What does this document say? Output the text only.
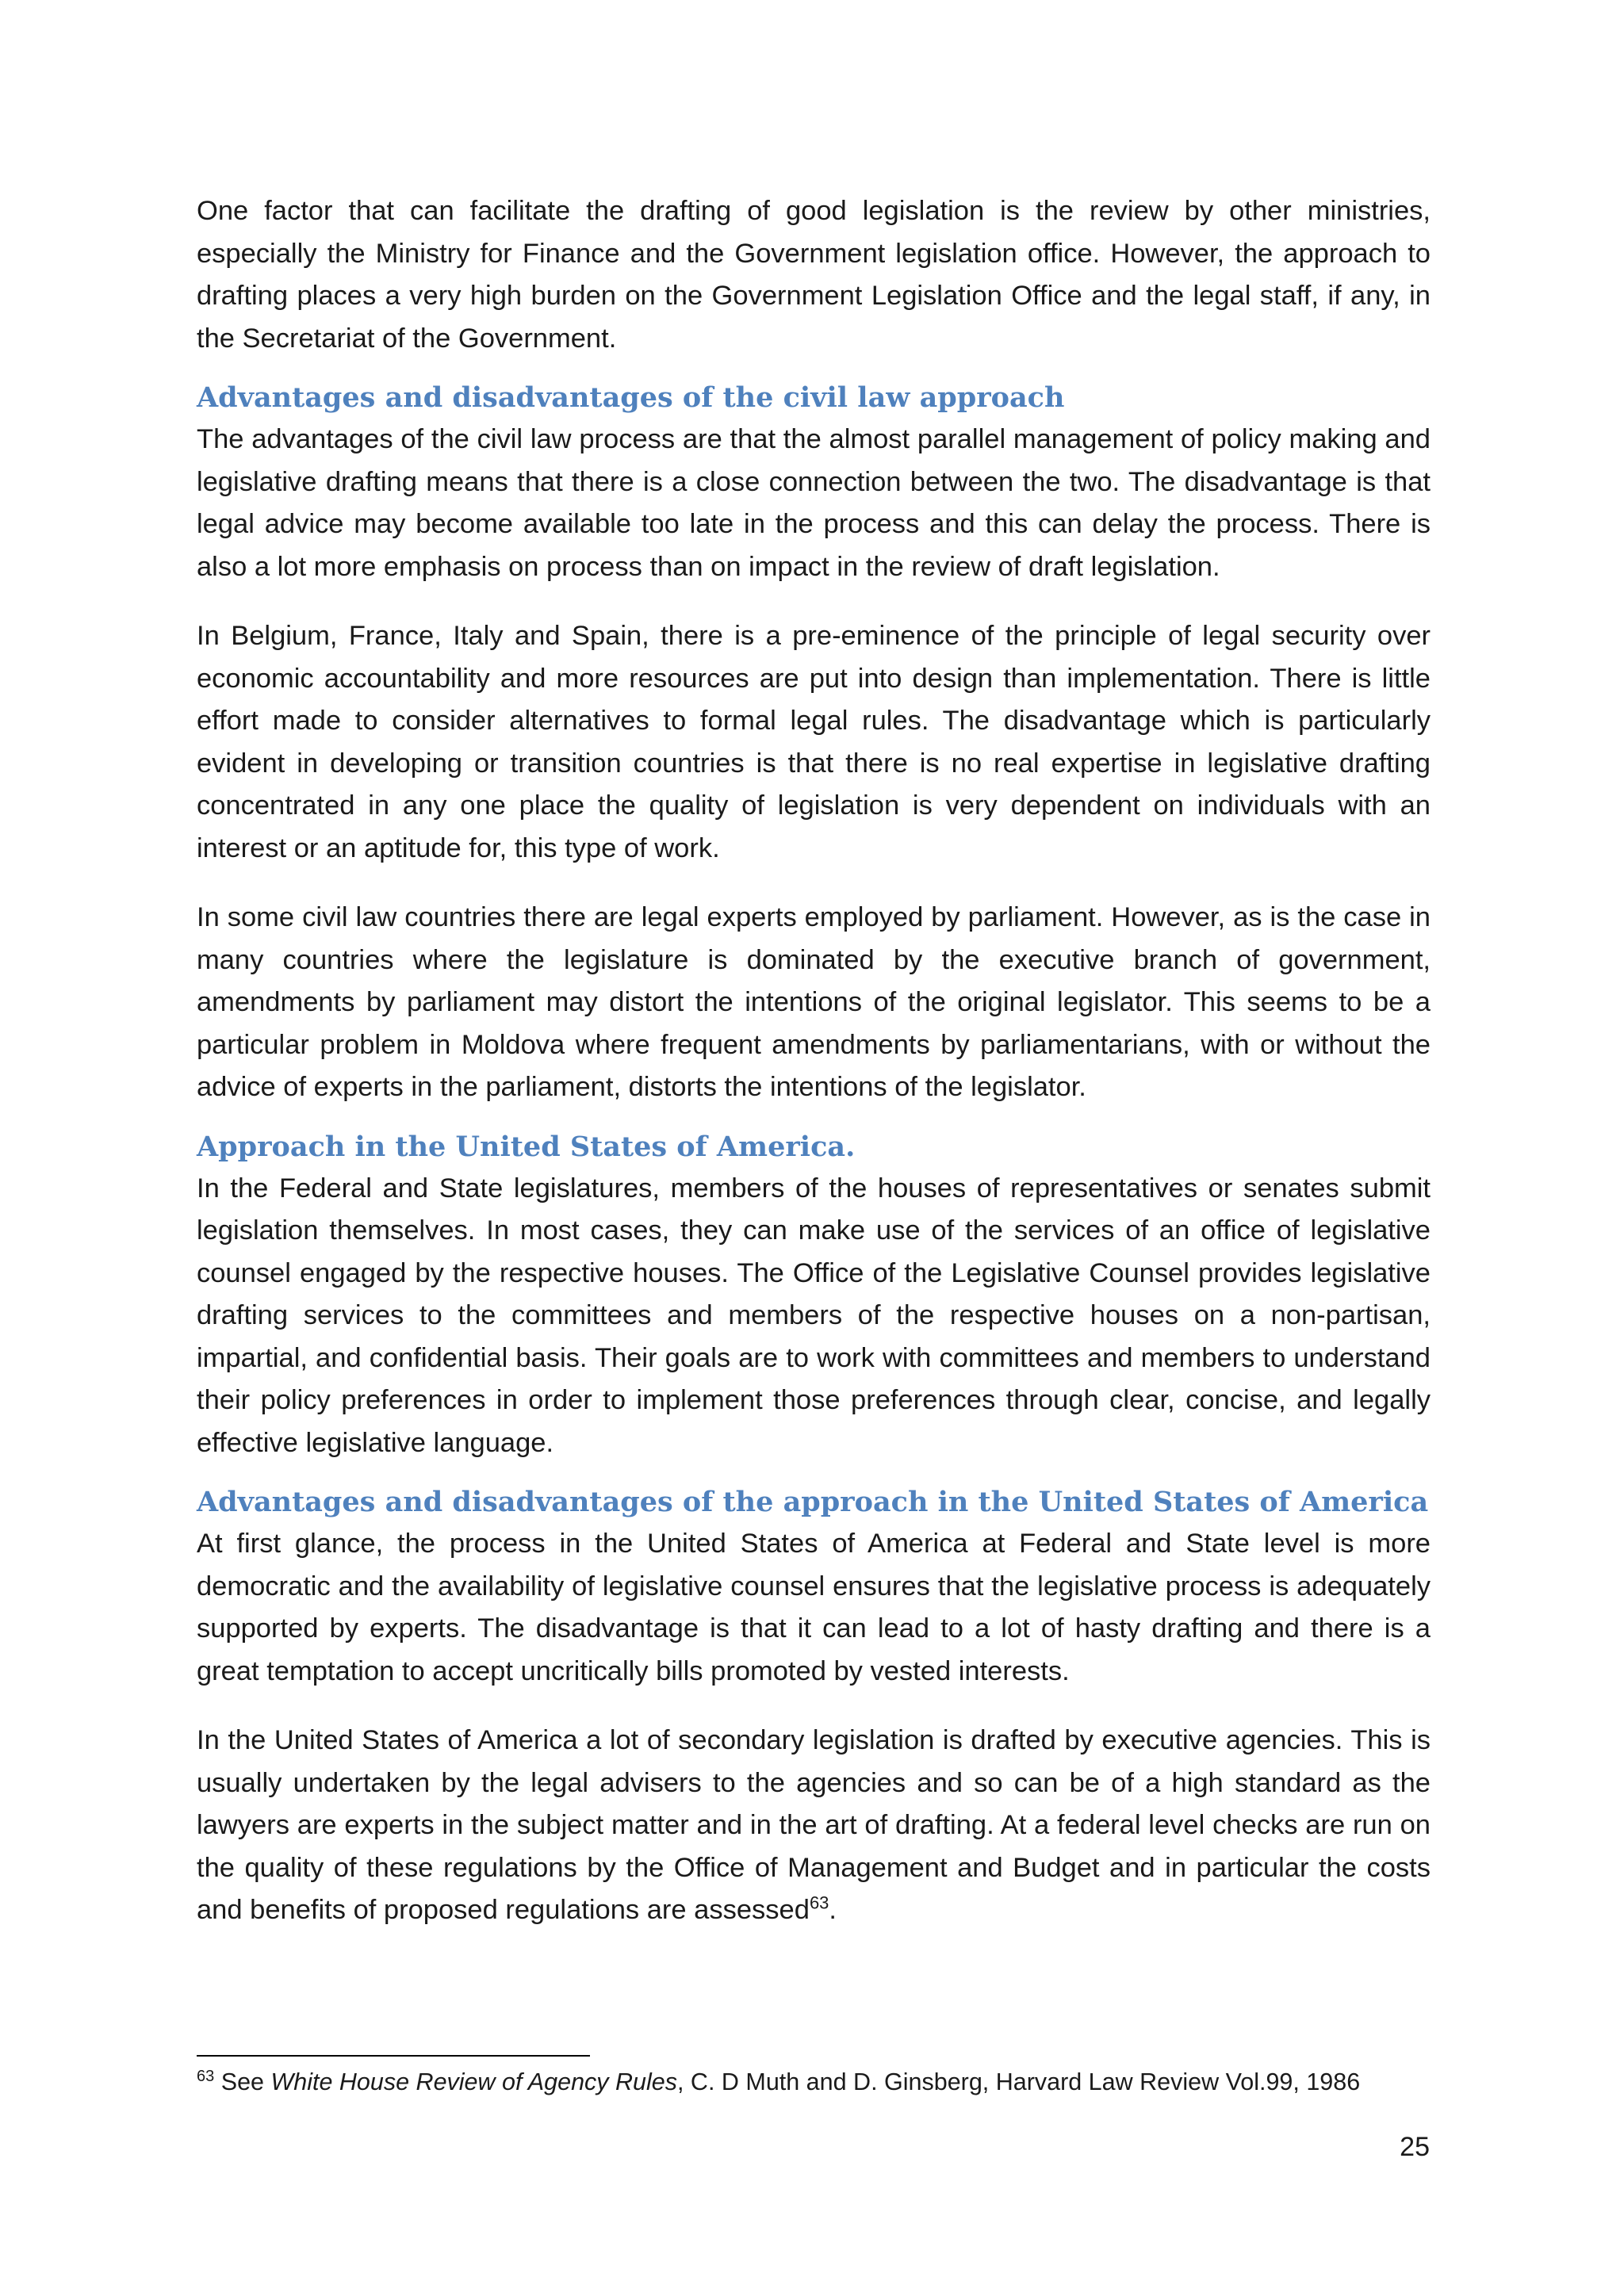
One factor that can facilitate the drafting of good legislation is the review by other ministries, especially the Ministry for Finance and the Government legislation office. However, the approach to drafting places a very high burden on the Government Legislation Office and the legal staff, if any, in the Secretariat of the Government.

Advantages and disadvantages of the civil law approach

The advantages of the civil law process are that the almost parallel management of policy making and legislative drafting means that there is a close connection between the two. The disadvantage is that legal advice may become available too late in the process and this can delay the process. There is also a lot more emphasis on process than on impact in the review of draft legislation.

In Belgium, France, Italy and Spain, there is a pre-eminence of the principle of legal security over economic accountability and more resources are put into design than implementation. There is little effort made to consider alternatives to formal legal rules. The disadvantage which is particularly evident in developing or transition countries is that there is no real expertise in legislative drafting concentrated in any one place the quality of legislation is very dependent on individuals with an interest or an aptitude for, this type of work.

In some civil law countries there are legal experts employed by parliament. However, as is the case in many countries where the legislature is dominated by the executive branch of government, amendments by parliament may distort the intentions of the original legislator. This seems to be a particular problem in Moldova where frequent amendments by parliamentarians, with or without the advice of experts in the parliament, distorts the intentions of the legislator.

Approach in the United States of America.

In the Federal and State legislatures, members of the houses of representatives or senates submit legislation themselves. In most cases, they can make use of the services of an office of legislative counsel engaged by the respective houses. The Office of the Legislative Counsel provides legislative drafting services to the committees and members of the respective houses on a non-partisan, impartial, and confidential basis. Their goals are to work with committees and members to understand their policy preferences in order to implement those preferences through clear, concise, and legally effective legislative language.

Advantages and disadvantages of the approach in the United States of America

At first glance, the process in the United States of America at Federal and State level is more democratic and the availability of legislative counsel ensures that the legislative process is adequately supported by experts. The disadvantage is that it can lead to a lot of hasty drafting and there is a great temptation to accept uncritically bills promoted by vested interests.

In the United States of America a lot of secondary legislation is drafted by executive agencies. This is usually undertaken by the legal advisers to the agencies and so can be of a high standard as the lawyers are experts in the subject matter and in the art of drafting. At a federal level checks are run on the quality of these regulations by the Office of Management and Budget and in particular the costs and benefits of proposed regulations are assessed$^{63}$.

$^{63}$ See White House Review of Agency Rules, C. D Muth and D. Ginsberg, Harvard Law Review Vol.99, 1986
25
